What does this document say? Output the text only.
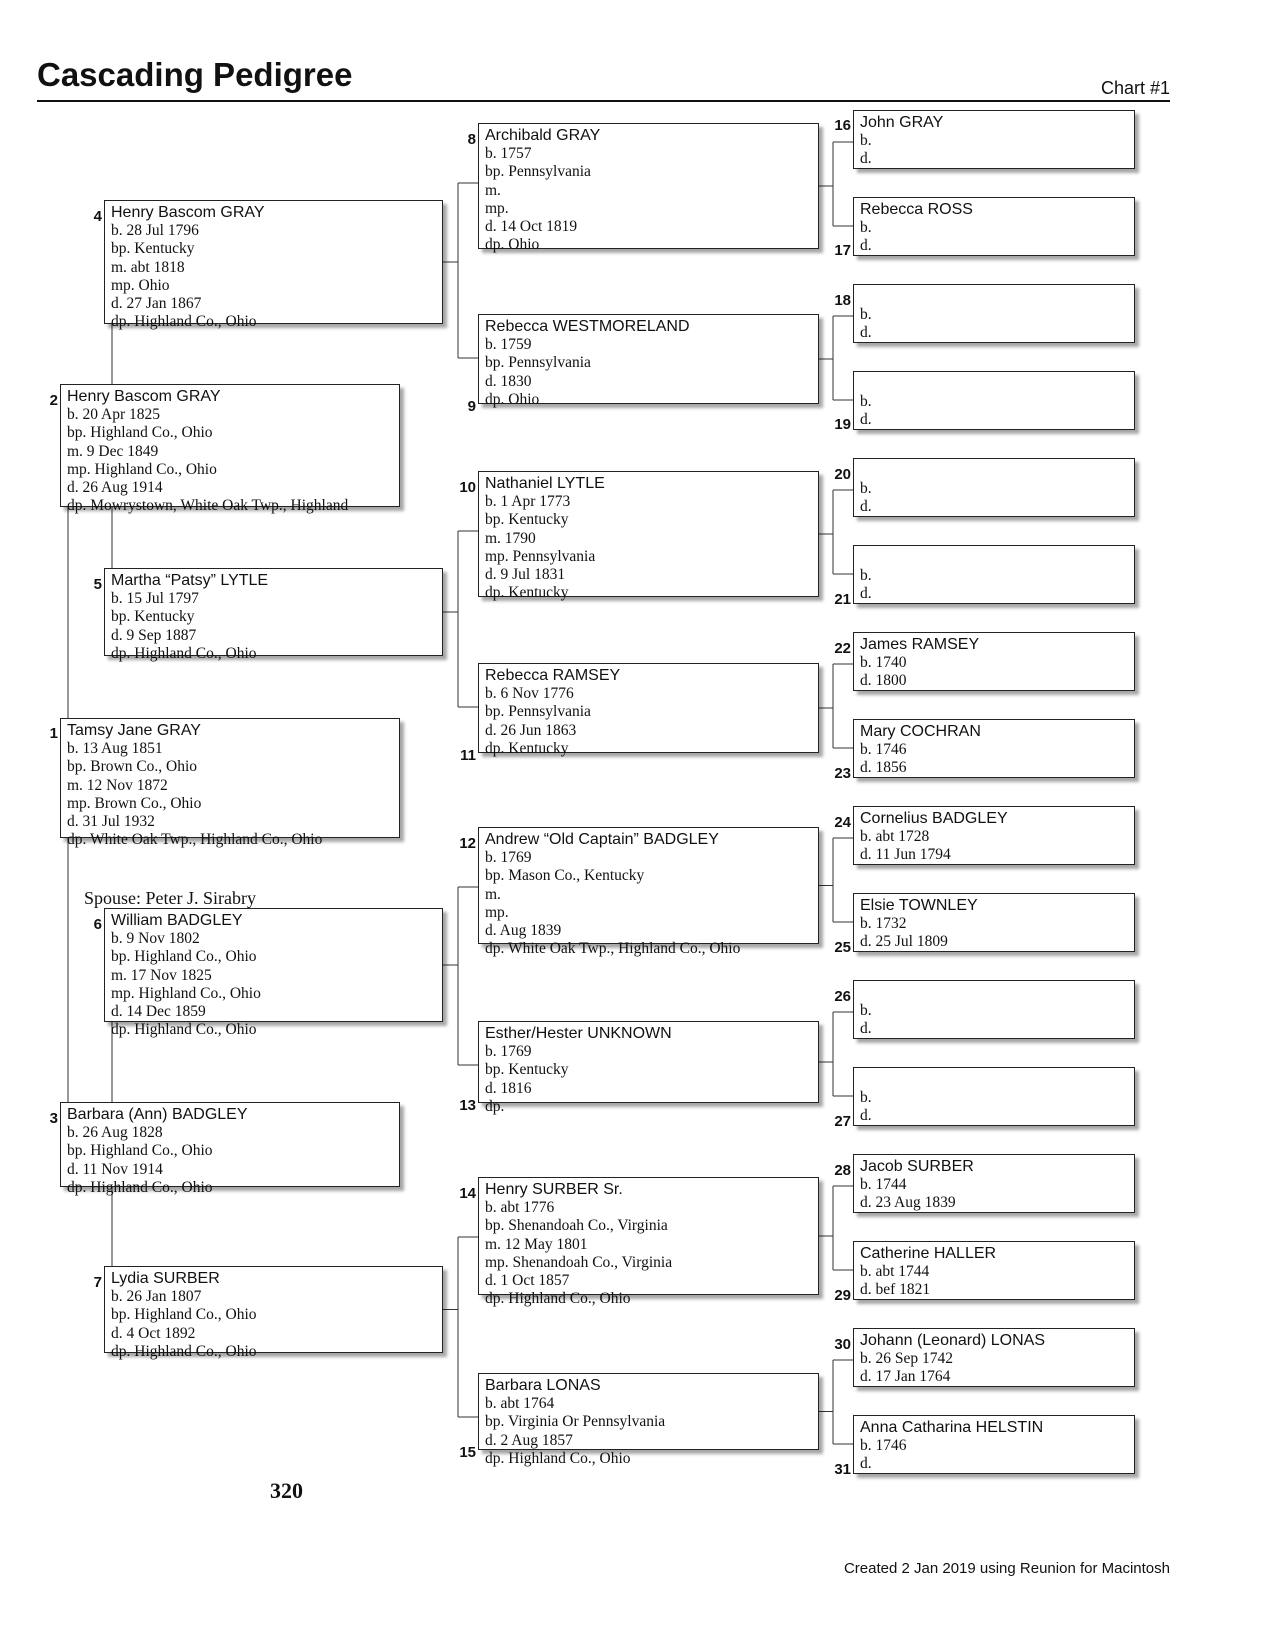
Cascading Pedigree	Chart #1
1 Tamsy Jane GRAY
b. 13 Aug 1851
bp. Brown Co., Ohio
m. 12 Nov 1872
mp. Brown Co., Ohio
d. 31 Jul 1932
dp. White Oak Twp., Highland Co., Ohio
2 Henry Bascom GRAY
b. 20 Apr 1825
bp. Highland Co., Ohio
m. 9 Dec 1849
mp. Highland Co., Ohio
d. 26 Aug 1914
dp. Mowrystown, White Oak Twp., Highland
3 Barbara (Ann) BADGLEY
b. 26 Aug 1828
bp. Highland Co., Ohio
d. 11 Nov 1914
dp. Highland Co., Ohio
4 Henry Bascom GRAY
b. 28 Jul 1796
bp. Kentucky
m. abt 1818
mp. Ohio
d. 27 Jan 1867
dp. Highland Co., Ohio
5 Martha “Patsy” LYTLE
b. 15 Jul 1797
bp. Kentucky
d. 9 Sep 1887
dp. Highland Co., Ohio
6 William BADGLEY
b. 9 Nov 1802
bp. Highland Co., Ohio
m. 17 Nov 1825
mp. Highland Co., Ohio
d. 14 Dec 1859
dp. Highland Co., Ohio
7 Lydia SURBER
b. 26 Jan 1807
bp. Highland Co., Ohio
d. 4 Oct 1892
dp. Highland Co., Ohio
8 Archibald GRAY
b. 1757
bp. Pennsylvania
m.
mp.
d. 14 Oct 1819
dp. Ohio
9
Rebecca WESTMORELAND
b. 1759
bp. Pennsylvania
d. 1830
dp. Ohio
10 Nathaniel LYTLE
b. 1 Apr 1773
bp. Kentucky
m. 1790
mp. Pennsylvania
d. 9 Jul 1831
dp. Kentucky
11
Rebecca RAMSEY
b. 6 Nov 1776
bp. Pennsylvania
d. 26 Jun 1863
dp. Kentucky
12 Andrew “Old Captain” BADGLEY
b. 1769
bp. Mason Co., Kentucky
m.
mp.
d. Aug 1839
dp. White Oak Twp., Highland Co., Ohio
13
Esther/Hester UNKNOWN
b. 1769
bp. Kentucky
d. 1816
dp.
14 Henry SURBER Sr.
b. abt 1776
bp. Shenandoah Co., Virginia
m. 12 May 1801
mp. Shenandoah Co., Virginia
d. 1 Oct 1857
dp. Highland Co., Ohio
15
Barbara LONAS
b. abt 1764
bp. Virginia Or Pennsylvania
d. 2 Aug 1857
dp. Highland Co., Ohio
16 John GRAY
b.
d.
17
Rebecca ROSS
b.
d.
18
b.
d.
19
b.
d.
20
b.
d.
21
b.
d.
22 James RAMSEY
b. 1740
d. 1800
23
Mary COCHRAN
b. 1746
d. 1856
24 Cornelius BADGLEY
b. abt 1728
d. 11 Jun 1794
25
Elsie TOWNLEY
b. 1732
d. 25 Jul 1809
26
b.
d.
27
b.
d.
28 Jacob SURBER
b. 1744
d. 23 Aug 1839
29
Catherine HALLER
b. abt 1744
d. bef 1821
30 Johann (Leonard) LONAS
b. 26 Sep 1742
d. 17 Jan 1764
31
Anna Catharina HELSTIN
b. 1746
d.
Spouse: Peter J. Sirabry
320
Created 2 Jan 2019 using Reunion for Macintosh
